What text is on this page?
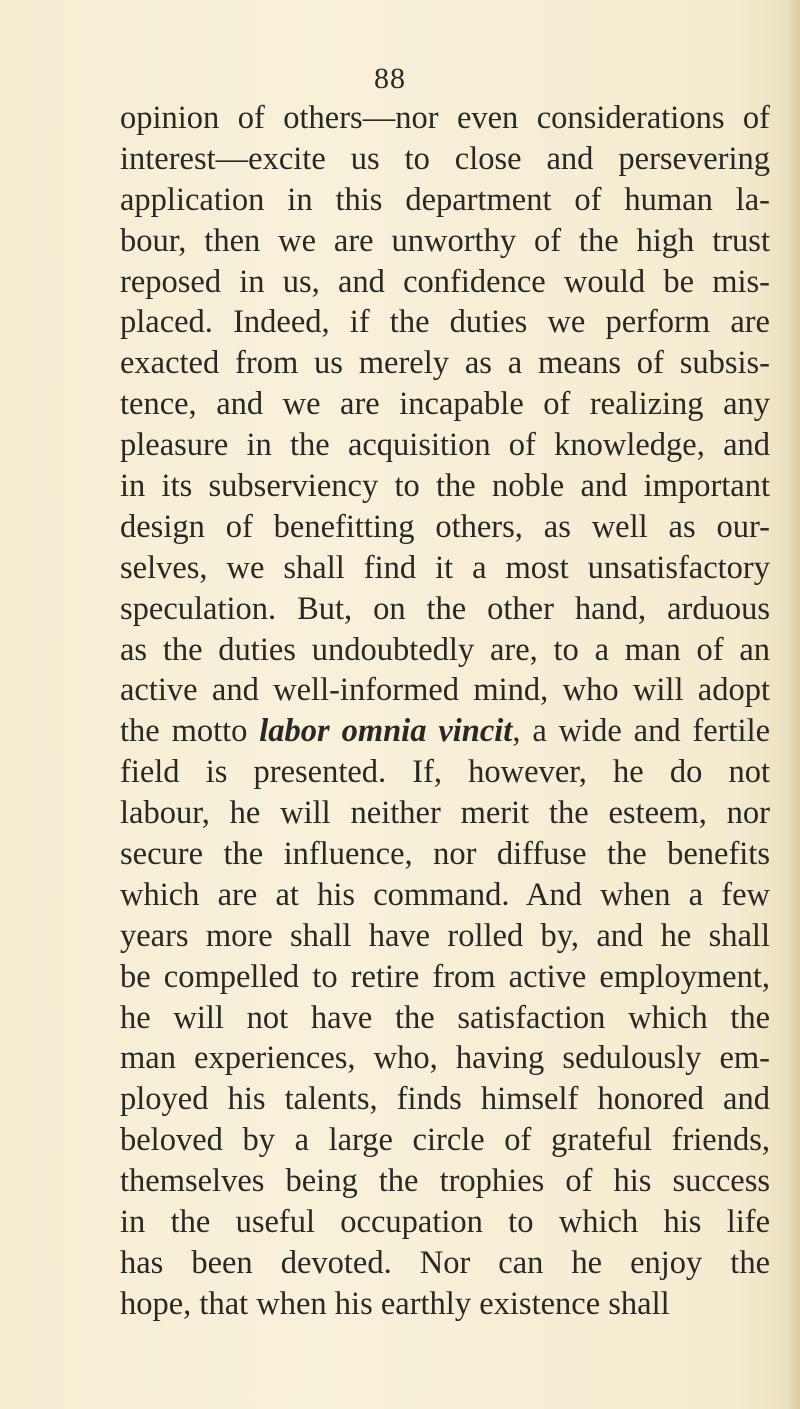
88
opinion of others—nor even considerations of
interest—excite us to close and persevering
application in this department of human la-
bour, then we are unworthy of the high trust
reposed in us, and confidence would be mis-
placed. Indeed, if the duties we perform are
exacted from us merely as a means of subsis-
tence, and we are incapable of realizing any
pleasure in the acquisition of knowledge, and
in its subserviency to the noble and important
design of benefitting others, as well as our-
selves, we shall find it a most unsatisfactory
speculation. But, on the other hand, arduous
as the duties undoubtedly are, to a man of an
active and well-informed mind, who will adopt
the motto labor omnia vincit, a wide and fertile
field is presented. If, however, he do not
labour, he will neither merit the esteem, nor
secure the influence, nor diffuse the benefits
which are at his command. And when a few
years more shall have rolled by, and he shall
be compelled to retire from active employment,
he will not have the satisfaction which the
man experiences, who, having sedulously em-
ployed his talents, finds himself honored and
beloved by a large circle of grateful friends,
themselves being the trophies of his success
in the useful occupation to which his life
has been devoted. Nor can he enjoy the
hope, that when his earthly existence shall
